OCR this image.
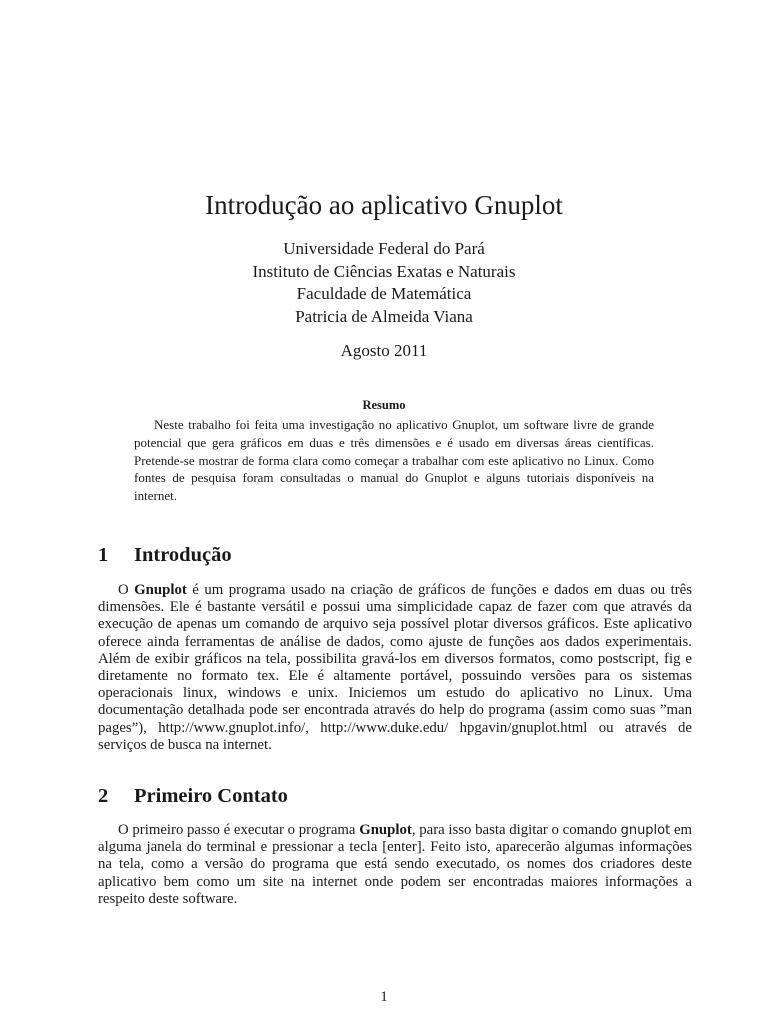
Introdução ao aplicativo Gnuplot
Universidade Federal do Pará
Instituto de Ciências Exatas e Naturais
Faculdade de Matemática
Patricia de Almeida Viana
Agosto 2011
Resumo

Neste trabalho foi feita uma investigação no aplicativo Gnuplot, um software livre de grande potencial que gera gráficos em duas e três dimensões e é usado em diversas áreas científicas. Pretende-se mostrar de forma clara como começar a trabalhar com este aplicativo no Linux. Como fontes de pesquisa foram consultadas o manual do Gnuplot e alguns tutoriais disponíveis na internet.

1 Introdução

O Gnuplot é um programa usado na criação de gráficos de funções e dados em duas ou três dimensões. Ele é bastante versátil e possui uma simplicidade capaz de fazer com que através da execução de apenas um comando de arquivo seja possível plotar diversos gráficos. Este aplicativo oferece ainda ferramentas de análise de dados, como ajuste de funções aos dados experimentais. Além de exibir gráficos na tela, possibilita gravá-los em diversos formatos, como postscript, fig e diretamente no formato tex. Ele é altamente portável, possuindo versões para os sistemas operacionais linux, windows e unix. Iniciemos um estudo do aplicativo no Linux. Uma documentação detalhada pode ser encontrada através do help do programa (assim como suas ”man pages”), http://www.gnuplot.info/, http://www.duke.edu/ hpgavin/gnuplot.html ou através de serviços de busca na internet.

2 Primeiro Contato

O primeiro passo é executar o programa Gnuplot, para isso basta digitar o comando gnuplot em alguma janela do terminal e pressionar a tecla [enter]. Feito isto, aparecerão algumas informações na tela, como a versão do programa que está sendo executado, os nomes dos criadores deste aplicativo bem como um site na internet onde podem ser encontradas maiores informações a respeito deste software.

1
